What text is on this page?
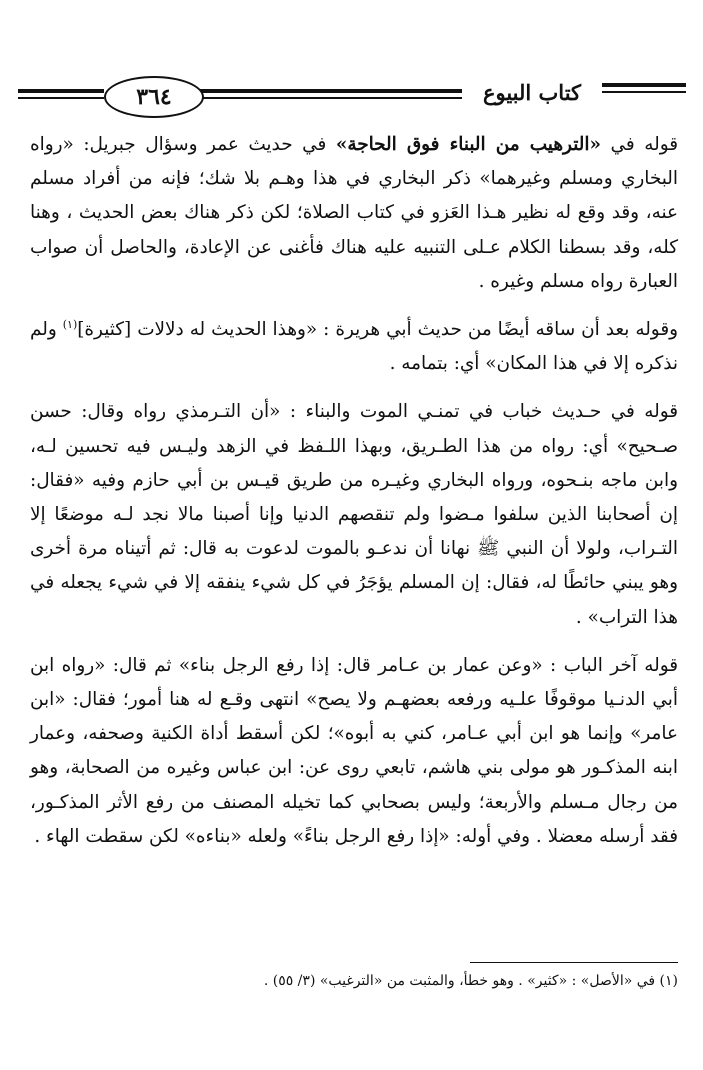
٣٦٤	كتاب البيوع

قوله في «الترهيب من البناء فوق الحاجة» في حديث عمر وسؤال جبريل: «رواه البخاري ومسلم وغيرهما» ذكر البخاري في هذا وهـم بلا شك؛ فإنه من أفراد مسلم عنه، وقد وقع له نظير هـذا العَزو في كتاب الصلاة؛ لكن ذكر هناك بعض الحديث ، وهنا كله، وقد بسطنا الكلام عـلى التنبيه عليه هناك فأغنى عن الإعادة، والحاصل أن صواب العبارة رواه مسلم وغيره .

وقوله بعد أن ساقه أيضًا من حديث أبي هريرة : «وهذا الحديث له دلالات [كثيرة]$^{(١)}$ ولم نذكره إلا في هذا المكان» أي: بتمامه .

قوله في حـديث خباب في تمنـي الموت والبناء : «أن التـرمذي رواه وقال: حسن صـحيح» أي: رواه من هذا الطـريق، وبهذا اللـفظ في الزهد وليـس فيه تحسين لـه، وابن ماجه بنـحوه، ورواه البخاري وغيـره من طريق قيـس بن أبي حازم وفيه «فقال: إن أصحابنا الذين سلفوا مـضوا ولم تنقصهم الدنيا وإنا أصبنا مالا نجد لـه موضعًا إلا التـراب، ولولا أن النبي ﷺ نهانا أن ندعـو بالموت لدعوت به قال: ثم أتيناه مرة أخرى وهو يبني حائطًا له، فقال: إن المسلم يؤجَرُ في كل شيء ينفقه إلا في شيء يجعله في هذا التراب» .

قوله آخر الباب : «وعن عمار بن عـامر قال: إذا رفع الرجل بناء» ثم قال: «رواه ابن أبي الدنـيا موقوفًا علـيه ورفعه بعضهـم ولا يصح» انتهى وقـع له هنا أمور؛ فقال: «ابن عامر» وإنما هو ابن أبي عـامر، كني به أبوه»؛ لكن أسقط أداة الكنية وصحفه، وعمار ابنه المذكـور هو مولى بني هاشم، تابعي روى عن: ابن عباس وغيره من الصحابة، وهو من رجال مـسلم والأربعة؛ وليس بصحابي كما تخيله المصنف من رفع الأثر المذكـور، فقد أرسله معضلا . وفي أوله: «إذا رفع الرجل بناءً» ولعله «بناءه» لكن سقطت الهاء .

(١) في «الأصل» : «كثير» . وهو خطأ، والمثبت من «الترغيب» (٣/ ٥٥) .
